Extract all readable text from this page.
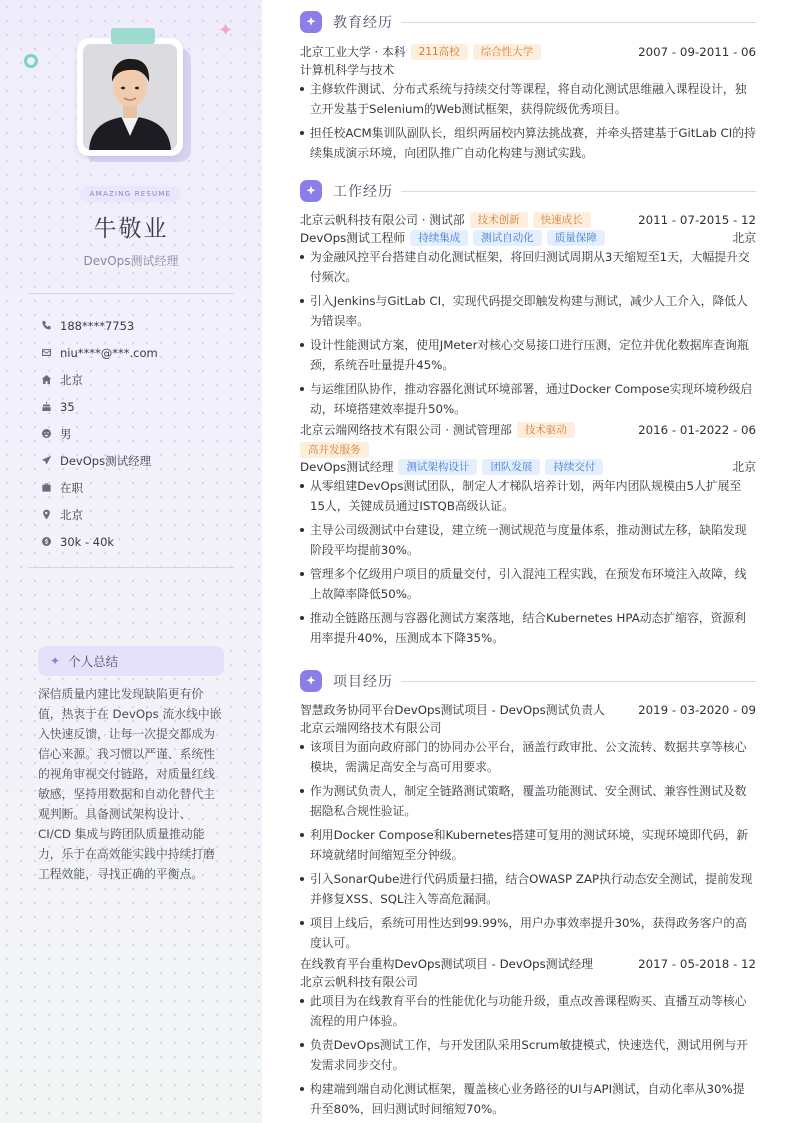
✦
AMAZING RESUME
牛敬业
DevOps测试经理
188****7753
niu****@***.com
北京
35
男
DevOps测试经理
在职
北京
30k - 40k
✦ 个人总结
深信质量内建比发现缺陷更有价值，热衷于在 DevOps 流水线中嵌入快速反馈，让每一次提交都成为信心来源。我习惯以严谨、系统性的视角审视交付链路，对质量红线敏感，坚持用数据和自动化替代主观判断。具备测试架构设计、CI/CD 集成与跨团队质量推动能力，乐于在高效能实践中持续打磨工程效能，寻找正确的平衡点。
教育经历
北京工业大学 · 本科	211高校	综合性大学	2007 - 09-2011 - 06
计算机科学与技术
主修软件测试、分布式系统与持续交付等课程，将自动化测试思维融入课程设计，独立开发基于Selenium的Web测试框架，获得院级优秀项目。
担任校ACM集训队副队长，组织两届校内算法挑战赛，并牵头搭建基于GitLab CI的持续集成演示环境，向团队推广自动化构建与测试实践。
工作经历
北京云帆科技有限公司 · 测试部	技术创新	快速成长	2011 - 07-2015 - 12
DevOps测试工程师	持续集成	测试自动化	质量保障	北京
为金融风控平台搭建自动化测试框架，将回归测试周期从3天缩短至1天，大幅提升交付频次。
引入Jenkins与GitLab CI，实现代码提交即触发构建与测试，减少人工介入，降低人为错误率。
设计性能测试方案，使用JMeter对核心交易接口进行压测，定位并优化数据库查询瓶颈，系统吞吐量提升45%。
与运维团队协作，推动容器化测试环境部署，通过Docker Compose实现环境秒级启动，环境搭建效率提升50%。
北京云端网络技术有限公司 · 测试管理部	技术驱动
高并发服务
2016 - 01-2022 - 06
DevOps测试经理	测试架构设计	团队发展	持续交付	北京
从零组建DevOps测试团队，制定人才梯队培养计划，两年内团队规模由5人扩展至15人，关键成员通过ISTQB高级认证。
主导公司级测试中台建设，建立统一测试规范与度量体系，推动测试左移，缺陷发现阶段平均提前30%。
管理多个亿级用户项目的质量交付，引入混沌工程实践，在预发布环境注入故障，线上故障率降低50%。
推动全链路压测与容器化测试方案落地，结合Kubernetes HPA动态扩缩容，资源利用率提升40%，压测成本下降35%。
项目经历
智慧政务协同平台DevOps测试项目 - DevOps测试负责人	2019 - 03-2020 - 09
北京云端网络技术有限公司
该项目为面向政府部门的协同办公平台，涵盖行政审批、公文流转、数据共享等核心模块，需满足高安全与高可用要求。
作为测试负责人，制定全链路测试策略，覆盖功能测试、安全测试、兼容性测试及数据隐私合规性验证。
利用Docker Compose和Kubernetes搭建可复用的测试环境，实现环境即代码，新环境就绪时间缩短至分钟级。
引入SonarQube进行代码质量扫描，结合OWASP ZAP执行动态安全测试，提前发现并修复XSS、SQL注入等高危漏洞。
项目上线后，系统可用性达到99.99%，用户办事效率提升30%，获得政务客户的高度认可。
在线教育平台重构DevOps测试项目 - DevOps测试经理	2017 - 05-2018 - 12
北京云帆科技有限公司
此项目为在线教育平台的性能优化与功能升级，重点改善课程购买、直播互动等核心流程的用户体验。
负责DevOps测试工作，与开发团队采用Scrum敏捷模式，快速迭代，测试用例与开发需求同步交付。
构建端到端自动化测试框架，覆盖核心业务路径的UI与API测试，自动化率从30%提升至80%，回归测试时间缩短70%。
